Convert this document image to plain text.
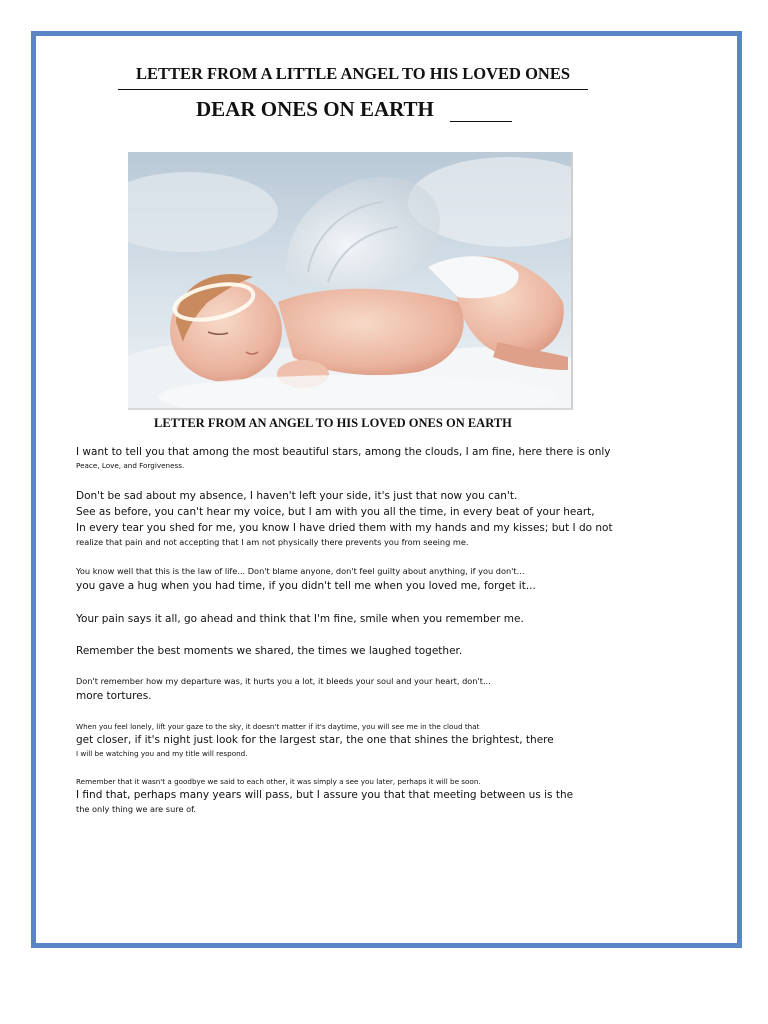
LETTER FROM A LITTLE ANGEL TO HIS LOVED ONES
DEAR ONES ON EARTH

LETTER FROM AN ANGEL TO HIS LOVED ONES ON EARTH

I want to tell you that among the most beautiful stars, among the clouds, I am fine, here there is only

Peace, Love, and Forgiveness.

Don't be sad about my absence, I haven't left your side, it's just that now you can't.

See as before, you can't hear my voice, but I am with you all the time, in every beat of your heart,

In every tear you shed for me, you know I have dried them with my hands and my kisses; but I do not

realize that pain and not accepting that I am not physically there prevents you from seeing me.

You know well that this is the law of life... Don't blame anyone, don't feel guilty about anything, if you don't...

you gave a hug when you had time, if you didn't tell me when you loved me, forget it...

Your pain says it all, go ahead and think that I'm fine, smile when you remember me.

Remember the best moments we shared, the times we laughed together.

Don't remember how my departure was, it hurts you a lot, it bleeds your soul and your heart, don't...

more tortures.

When you feel lonely, lift your gaze to the sky, it doesn't matter if it's daytime, you will see me in the cloud that

get closer, if it's night just look for the largest star, the one that shines the brightest, there

I will be watching you and my title will respond.

Remember that it wasn't a goodbye we said to each other, it was simply a see you later, perhaps it will be soon.

I find that, perhaps many years will pass, but I assure you that that meeting between us is the

the only thing we are sure of.
